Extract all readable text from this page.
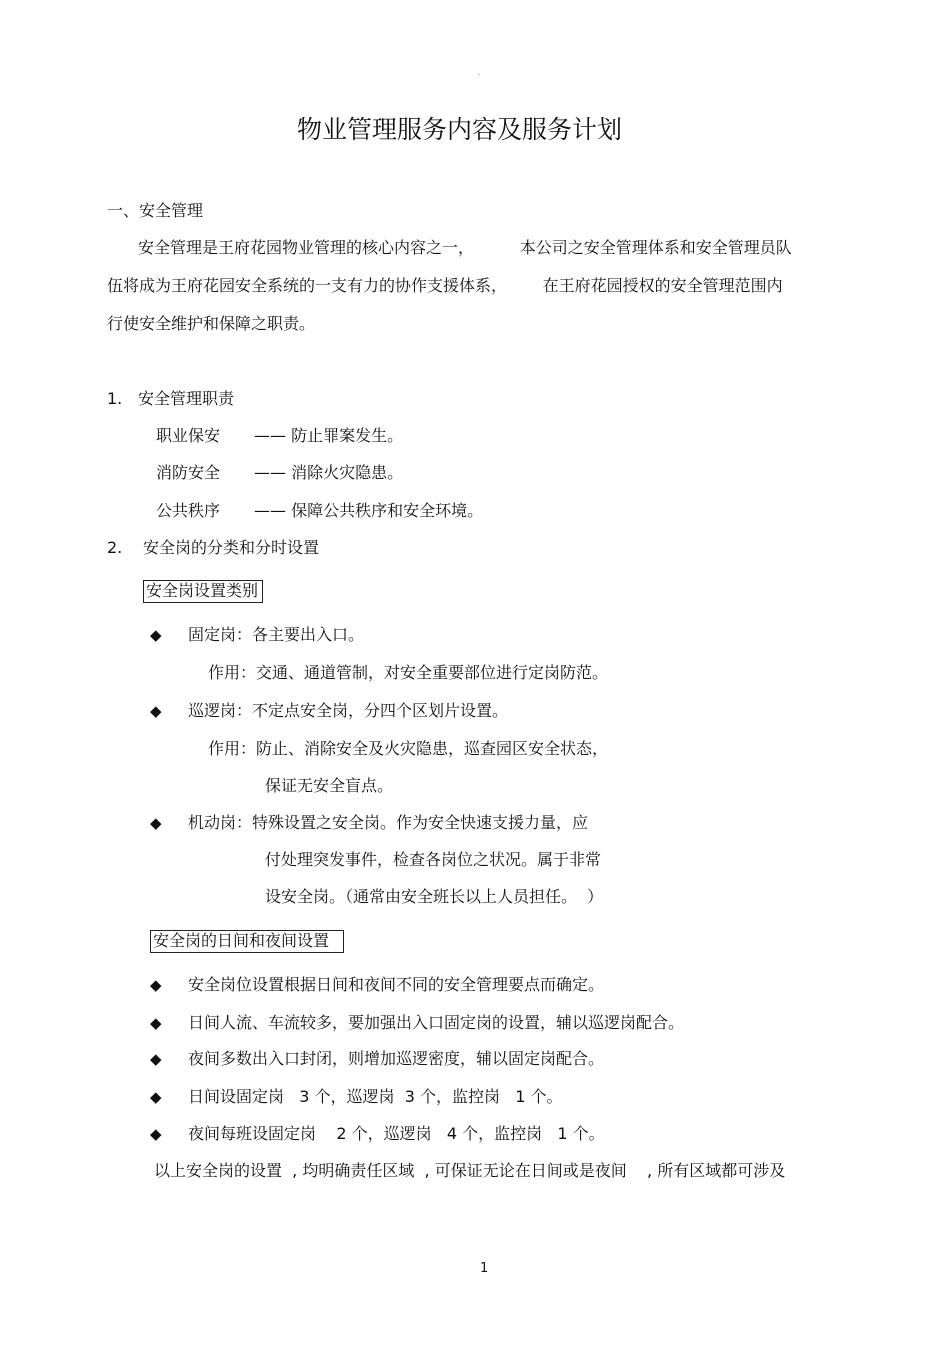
-
物业管理服务内容及服务计划
一、安全管理
安全管理是王府花园物业管理的核心内容之一，         本公司之安全管理体系和安全管理员队
伍将成为王府花园安全系统的一支有力的协作支援体系，       在王府花园授权的安全管理范围内
行使安全维护和保障之职责。
1. 安全管理职责
职业保安 —— 防止罪案发生。
消防安全 —— 消除火灾隐患。
公共秩序 —— 保障公共秩序和安全环境。
2. 安全岗的分类和分时设置
安全岗设置类别
◆ 固定岗：各主要出入口。
作用：交通、通道管制，对安全重要部位进行定岗防范。
◆ 巡逻岗：不定点安全岗，分四个区划片设置。
作用：防止、消除安全及火灾隐患，巡查园区安全状态，
保证无安全盲点。
◆ 机动岗：特殊设置之安全岗。作为安全快速支援力量，应
付处理突发事件，检查各岗位之状况。属于非常
设安全岗。（通常由安全班长以上人员担任。  ）
安全岗的日间和夜间设置
◆ 安全岗位设置根据日间和夜间不同的安全管理要点而确定。
◆ 日间人流、车流较多，要加强出入口固定岗的设置，辅以巡逻岗配合。
◆ 夜间多数出入口封闭，则增加巡逻密度，辅以固定岗配合。
◆ 日间设固定岗   3 个，巡逻岗  3 个，监控岗   1 个。
◆ 夜间每班设固定岗    2 个，巡逻岗   4 个，监控岗   1 个。
以上安全岗的设置  , 均明确责任区域  , 可保证无论在日间或是夜间    , 所有区域都可涉及
1
